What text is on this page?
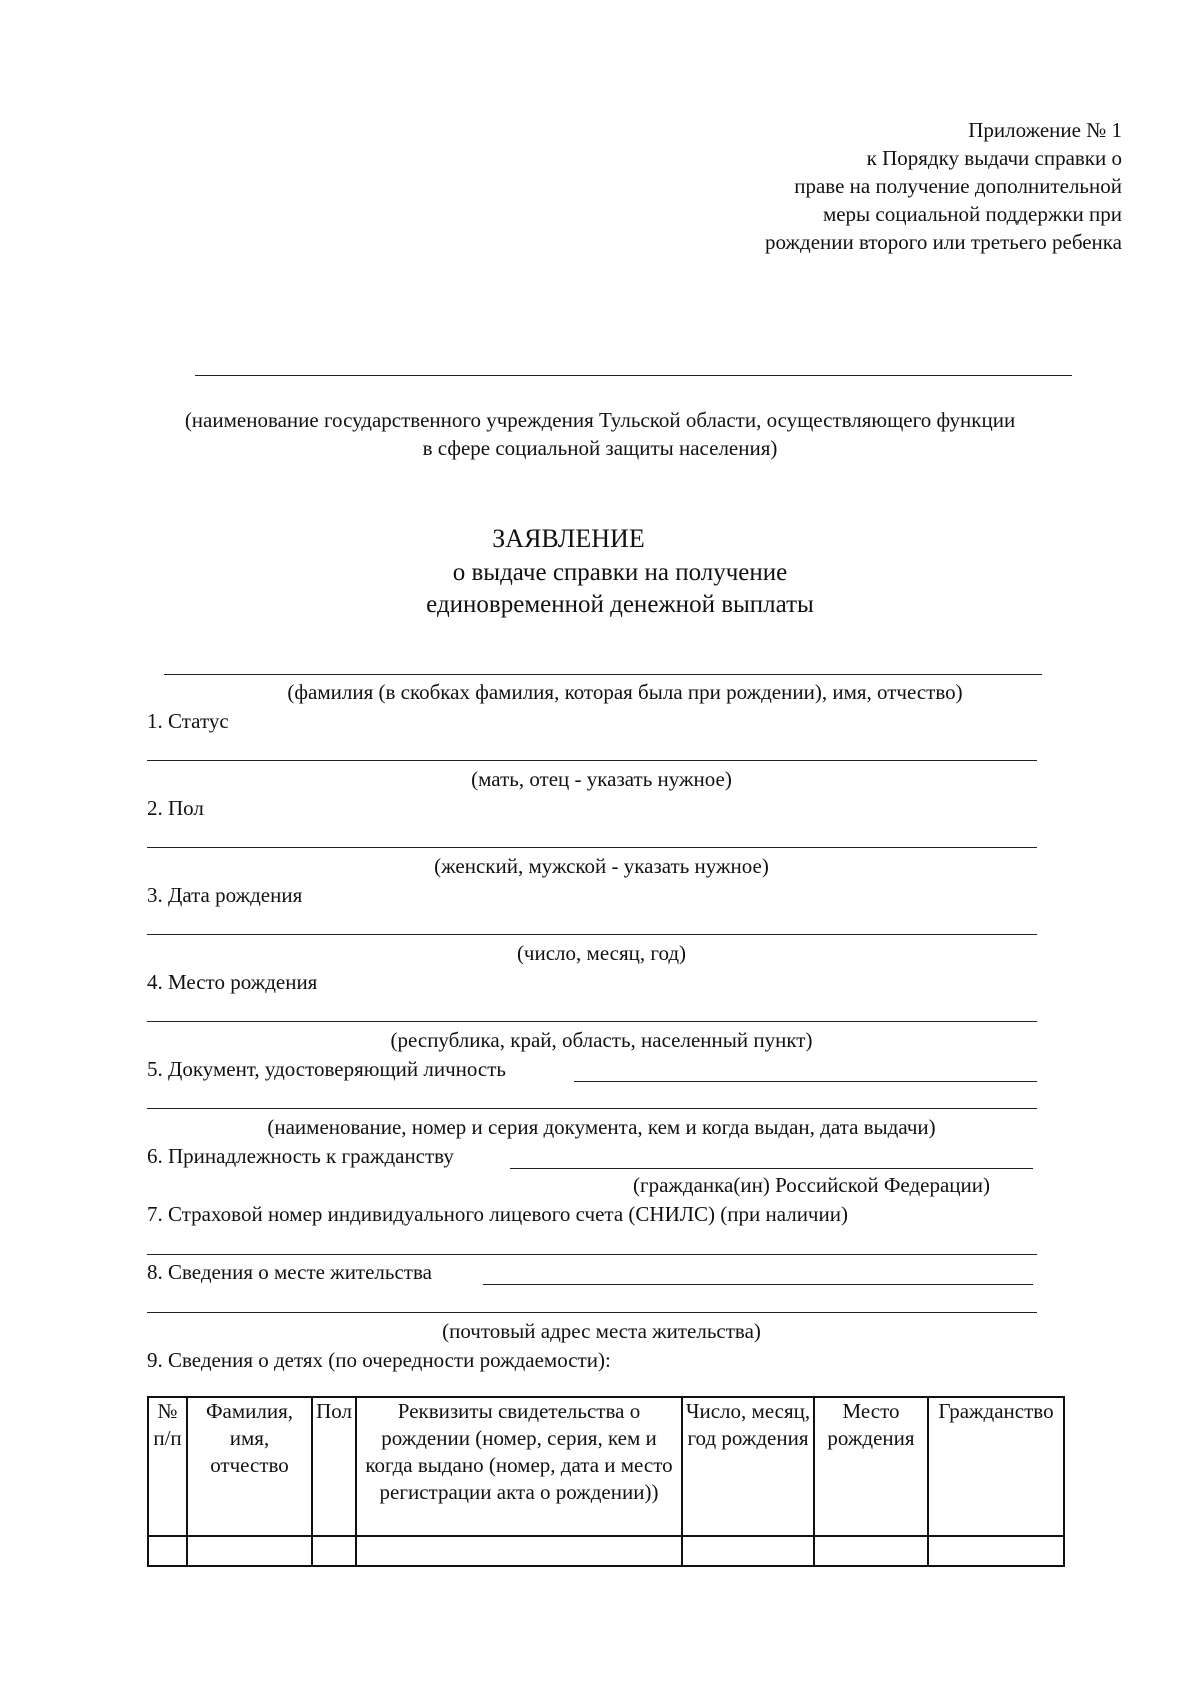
Приложение № 1
к Порядку выдачи справки о
праве на получение дополнительной
меры социальной поддержки при
рождении второго или третьего ребенка
(наименование государственного учреждения Тульской области, осуществляющего функции
в сфере социальной защиты населения)
ЗАЯВЛЕНИЕ
о выдаче справки на получение
единовременной денежной выплаты
(фамилия (в скобках фамилия, которая была при рождении), имя, отчество)
1. Статус
(мать, отец - указать нужное)
2. Пол
(женский, мужской - указать нужное)
3. Дата рождения
(число, месяц, год)
4. Место рождения
(республика, край, область, населенный пункт)
5. Документ, удостоверяющий личность
(наименование, номер и серия документа, кем и когда выдан, дата выдачи)
6. Принадлежность к гражданству
(гражданка(ин) Российской Федерации)
7. Страховой номер индивидуального лицевого счета (СНИЛС) (при наличии)
8. Сведения о месте жительства
(почтовый адрес места жительства)
9. Сведения о детях (по очередности рождаемости):
№ п/п	Фамилия, имя, отчество	Пол	Реквизиты свидетельства о рождении (номер, серия, кем и когда выдано (номер, дата и место регистрации акта о рождении))	Число, месяц, год рождения	Место рождения	Гражданство
